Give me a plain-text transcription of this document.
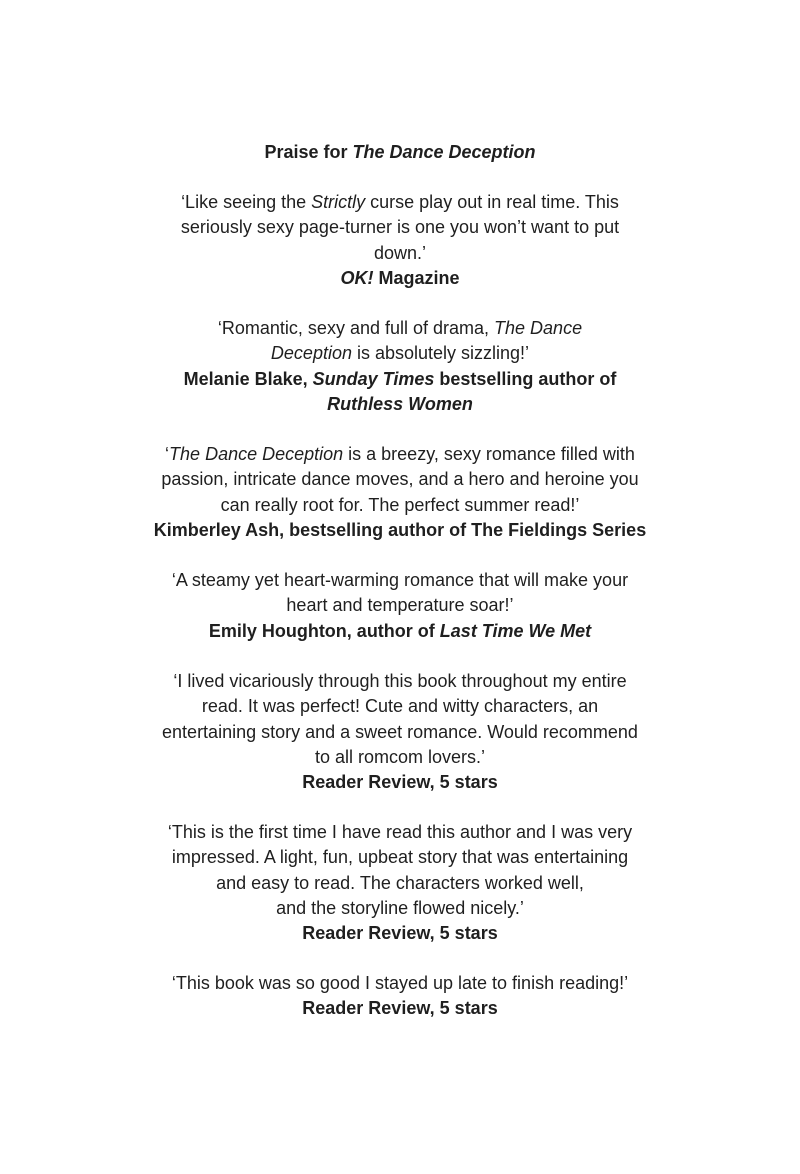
Praise for The Dance Deception
‘Like seeing the Strictly curse play out in real time. This
seriously sexy page-turner is one you won’t want to put
down.’
OK! Magazine
‘Romantic, sexy and full of drama, The Dance
Deception is absolutely sizzling!’
Melanie Blake, Sunday Times bestselling author of
Ruthless Women
‘The Dance Deception is a breezy, sexy romance filled with
passion, intricate dance moves, and a hero and heroine you
can really root for. The perfect summer read!’
Kimberley Ash, bestselling author of The Fieldings Series
‘A steamy yet heart-warming romance that will make your
heart and temperature soar!’
Emily Houghton, author of Last Time We Met
‘I lived vicariously through this book throughout my entire
read. It was perfect! Cute and witty characters, an
entertaining story and a sweet romance. Would recommend
to all romcom lovers.’
Reader Review, 5 stars
‘This is the first time I have read this author and I was very
impressed. A light, fun, upbeat story that was entertaining
and easy to read. The characters worked well,
and the storyline flowed nicely.’
Reader Review, 5 stars
‘This book was so good I stayed up late to finish reading!’
Reader Review, 5 stars
